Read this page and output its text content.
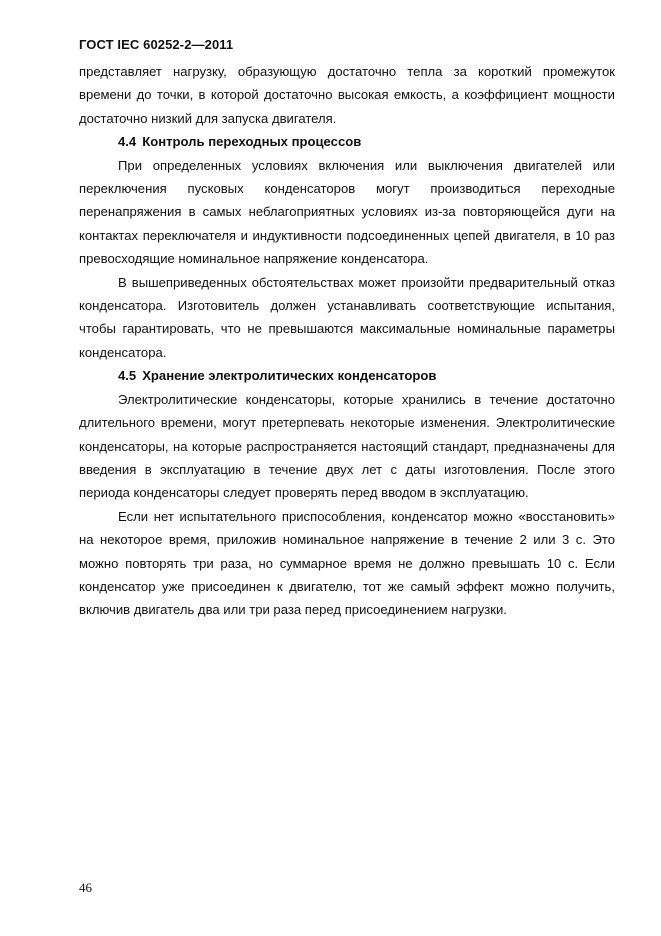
ГОСТ IEC 60252-2—2011

представляет нагрузку, образующую достаточно тепла за короткий промежуток времени до точки, в которой достаточно высокая емкость, а коэффициент мощности достаточно низкий для запуска двигателя.

4.4 Контроль переходных процессов

При определенных условиях включения или выключения двигателей или переключения пусковых конденсаторов могут производиться переходные перенапряжения в самых неблагоприятных условиях из-за повторяющейся дуги на контактах переключателя и индуктивности подсоединенных цепей двигателя, в 10 раз превосходящие номинальное напряжение конденсатора.

В вышеприведенных обстоятельствах может произойти предварительный отказ конденсатора. Изготовитель должен устанавливать соответствующие испытания, чтобы гарантировать, что не превышаются максимальные номинальные параметры конденсатора.

4.5 Хранение электролитических конденсаторов

Электролитические конденсаторы, которые хранились в течение достаточно длительного времени, могут претерпевать некоторые изменения. Электролитические конденсаторы, на которые распространяется настоящий стандарт, предназначены для введения в эксплуатацию в течение двух лет с даты изготовления. После этого периода конденсаторы следует проверять перед вводом в эксплуатацию.

Если нет испытательного приспособления, конденсатор можно «восстановить» на некоторое время, приложив номинальное напряжение в течение 2 или 3 с. Это можно повторять три раза, но суммарное время не должно превышать 10 с. Если конденсатор уже присоединен к двигателю, тот же самый эффект можно получить, включив двигатель два или три раза перед присоединением нагрузки.

46
